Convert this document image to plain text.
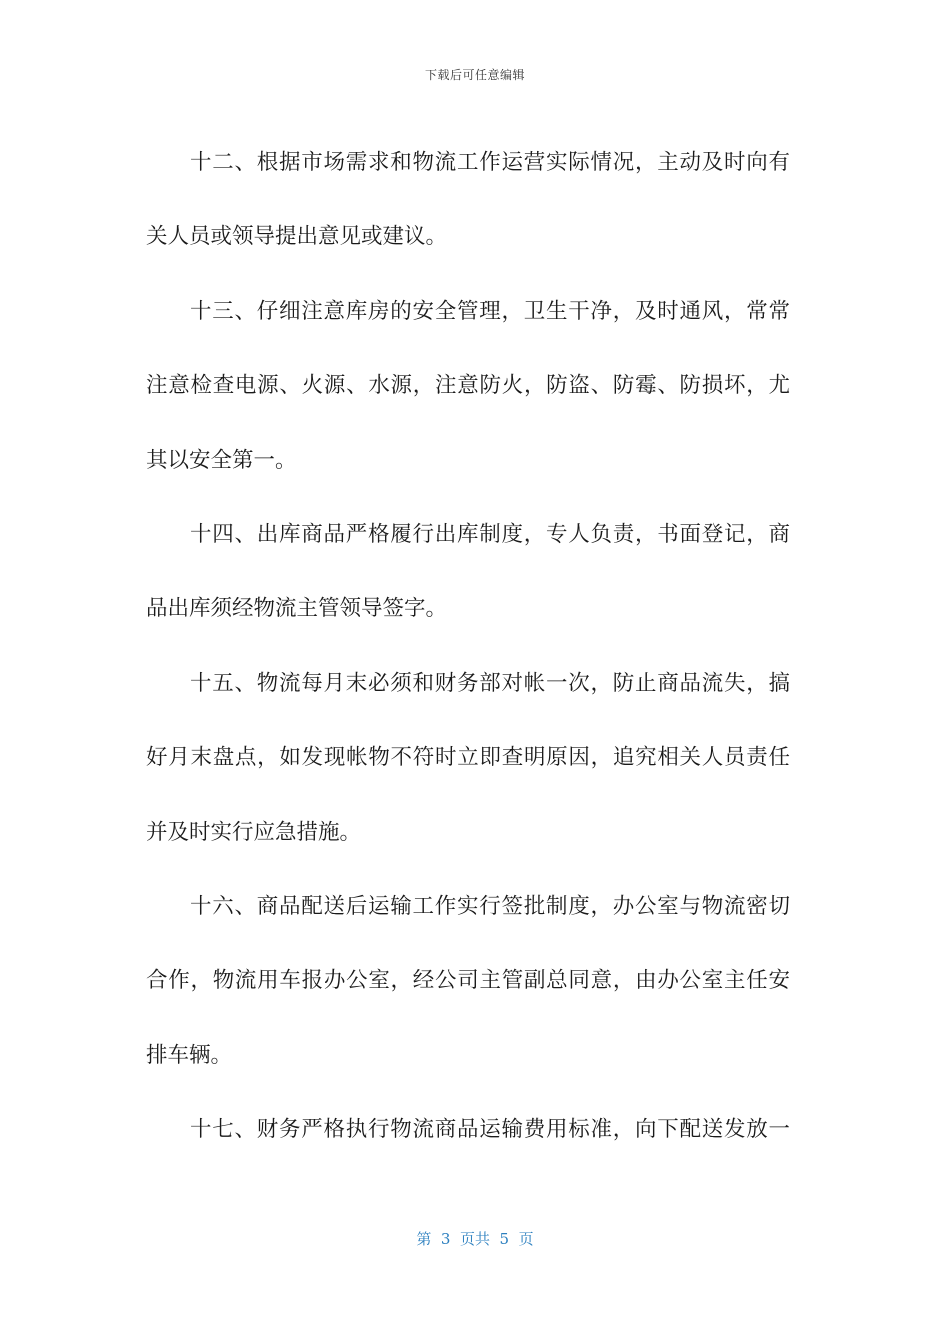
下载后可任意编辑
十二、根据市场需求和物流工作运营实际情况，主动及时向有
关人员或领导提出意见或建议。
十三、仔细注意库房的安全管理，卫生干净，及时通风，常常
注意检查电源、火源、水源，注意防火，防盗、防霉、防损坏，尤
其以安全第一。
十四、出库商品严格履行出库制度，专人负责，书面登记，商
品出库须经物流主管领导签字。
十五、物流每月末必须和财务部对帐一次，防止商品流失，搞
好月末盘点，如发现帐物不符时立即查明原因，追究相关人员责任
并及时实行应急措施。
十六、商品配送后运输工作实行签批制度，办公室与物流密切
合作，物流用车报办公室，经公司主管副总同意，由办公室主任安
排车辆。
十七、财务严格执行物流商品运输费用标准，向下配送发放一
第  3  页共  5  页
